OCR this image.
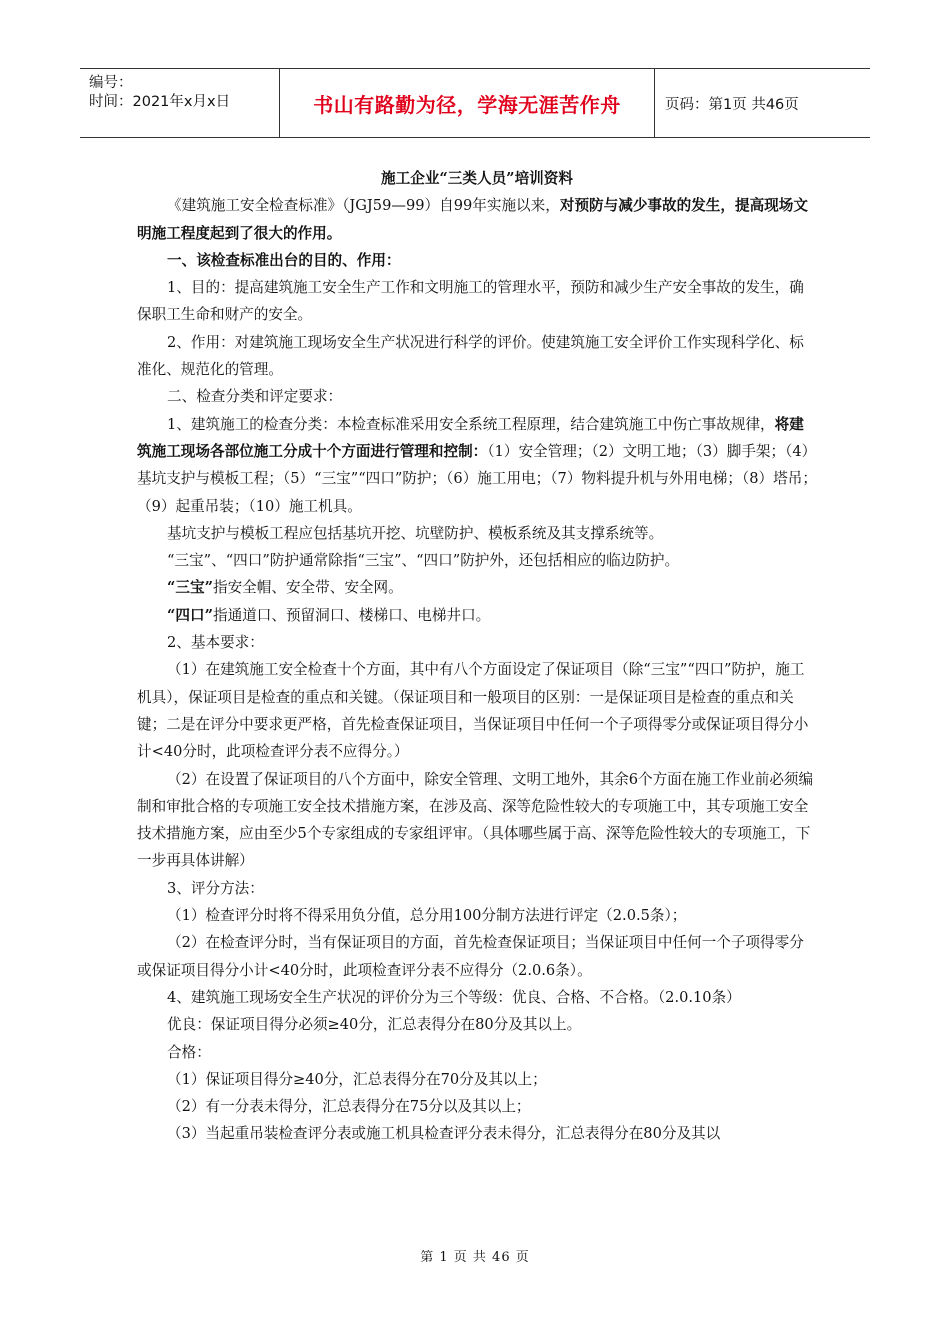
编号：
时间：2021年x月x日	书山有路勤为径，学海无涯苦作舟	页码：第1页 共46页

施工企业“三类人员”培训资料

《建筑施工安全检查标准》（JGJ59—99）自99年实施以来，对预防与减少事故的发生，提高现场文明施工程度起到了很大的作用。

一、该检查标准出台的目的、作用：

1、目的：提高建筑施工安全生产工作和文明施工的管理水平，预防和减少生产安全事故的发生，确保职工生命和财产的安全。

2、作用：对建筑施工现场安全生产状况进行科学的评价。使建筑施工安全评价工作实现科学化、标准化、规范化的管理。

二、检查分类和评定要求：

1、建筑施工的检查分类：本检查标准采用安全系统工程原理，结合建筑施工中伤亡事故规律，将建筑施工现场各部位施工分成十个方面进行管理和控制：（1）安全管理；（2）文明工地；（3）脚手架；（4）基坑支护与模板工程；（5）“三宝”“四口”防护；（6）施工用电；（7）物料提升机与外用电梯；（8）塔吊；（9）起重吊装；（10）施工机具。

基坑支护与模板工程应包括基坑开挖、坑壁防护、模板系统及其支撑系统等。

“三宝”、“四口”防护通常除指“三宝”、“四口”防护外，还包括相应的临边防护。

“三宝”指安全帽、安全带、安全网。

“四口”指通道口、预留洞口、楼梯口、电梯井口。

2、基本要求：

（1）在建筑施工安全检查十个方面，其中有八个方面设定了保证项目（除“三宝”“四口”防护，施工机具），保证项目是检查的重点和关键。（保证项目和一般项目的区别：一是保证项目是检查的重点和关键；二是在评分中要求更严格，首先检查保证项目，当保证项目中任何一个子项得零分或保证项目得分小计<40分时，此项检查评分表不应得分。）

（2）在设置了保证项目的八个方面中，除安全管理、文明工地外，其余6个方面在施工作业前必须编制和审批合格的专项施工安全技术措施方案，在涉及高、深等危险性较大的专项施工中，其专项施工安全技术措施方案，应由至少5个专家组成的专家组评审。（具体哪些属于高、深等危险性较大的专项施工，下一步再具体讲解）

3、评分方法：

（1）检查评分时将不得采用负分值，总分用100分制方法进行评定（2.0.5条）；

（2）在检查评分时，当有保证项目的方面，首先检查保证项目；当保证项目中任何一个子项得零分或保证项目得分小计<40分时，此项检查评分表不应得分（2.0.6条）。

4、建筑施工现场安全生产状况的评价分为三个等级：优良、合格、不合格。（2.0.10条）

优良：保证项目得分必须≥40分，汇总表得分在80分及其以上。

合格：

（1）保证项目得分≥40分，汇总表得分在70分及其以上；

（2）有一分表未得分，汇总表得分在75分以及其以上；

（3）当起重吊装检查评分表或施工机具检查评分表未得分，汇总表得分在80分及其以

第 1 页 共 46 页
